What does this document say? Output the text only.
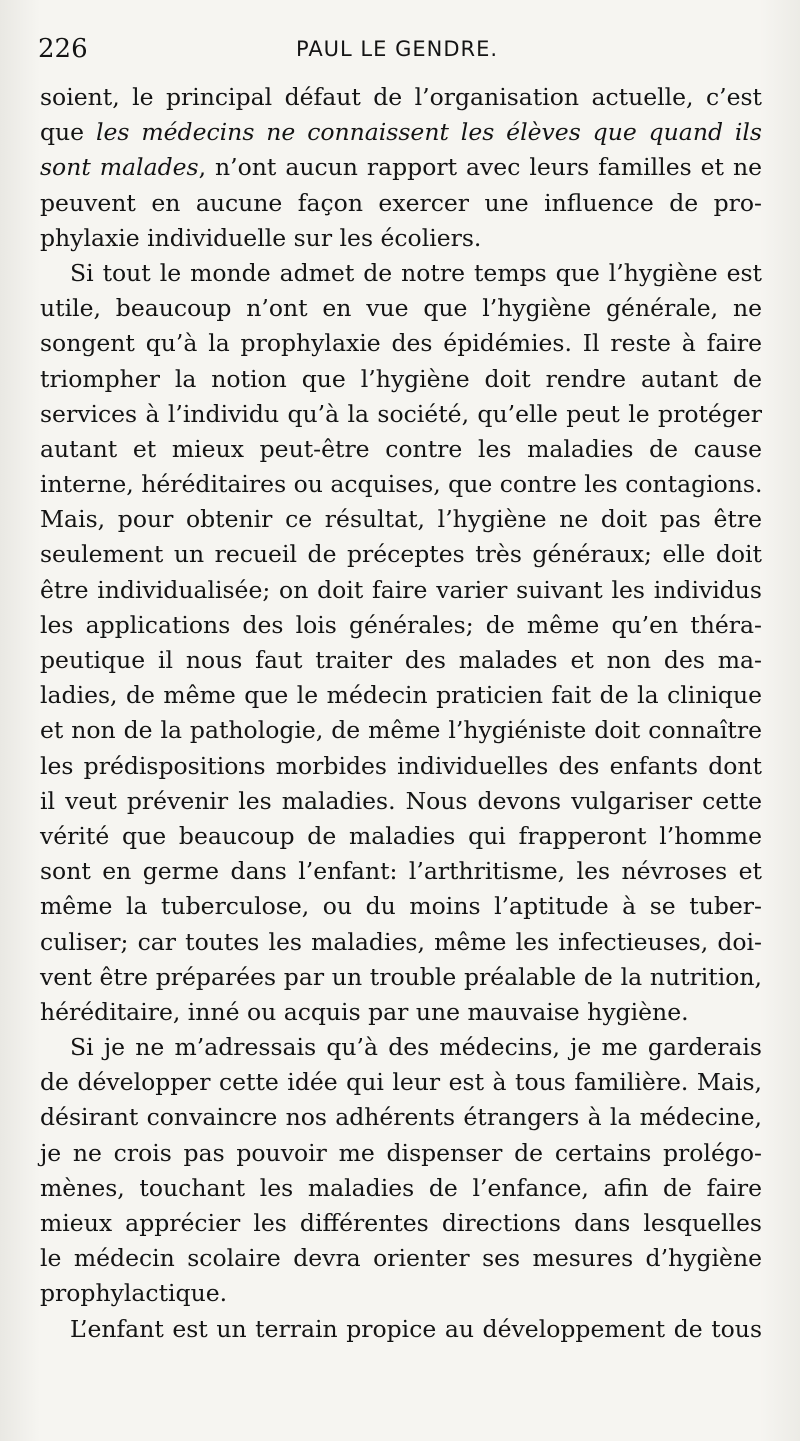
226	PAUL LE GENDRE.
soient, le principal défaut de l’organisation actuelle, c’est
que les médecins ne connaissent les élèves que quand ils
sont malades, n’ont aucun rapport avec leurs familles et ne
peuvent en aucune façon exercer une influence de pro-
phylaxie individuelle sur les écoliers.
Si tout le monde admet de notre temps que l’hygiène est
utile, beaucoup n’ont en vue que l’hygiène générale, ne
songent qu’à la prophylaxie des épidémies. Il reste à faire
triompher la notion que l’hygiène doit rendre autant de
services à l’individu qu’à la société, qu’elle peut le protéger
autant et mieux peut-être contre les maladies de cause
interne, héréditaires ou acquises, que contre les contagions.
Mais, pour obtenir ce résultat, l’hygiène ne doit pas être
seulement un recueil de préceptes très généraux; elle doit
être individualisée; on doit faire varier suivant les individus
les applications des lois générales; de même qu’en théra-
peutique il nous faut traiter des malades et non des ma-
ladies, de même que le médecin praticien fait de la clinique
et non de la pathologie, de même l’hygiéniste doit connaître
les prédispositions morbides individuelles des enfants dont
il veut prévenir les maladies. Nous devons vulgariser cette
vérité que beaucoup de maladies qui frapperont l’homme
sont en germe dans l’enfant: l’arthritisme, les névroses et
même la tuberculose, ou du moins l’aptitude à se tuber-
culiser; car toutes les maladies, même les infectieuses, doi-
vent être préparées par un trouble préalable de la nutrition,
héréditaire, inné ou acquis par une mauvaise hygiène.
Si je ne m’adressais qu’à des médecins, je me garderais
de développer cette idée qui leur est à tous familière. Mais,
désirant convaincre nos adhérents étrangers à la médecine,
je ne crois pas pouvoir me dispenser de certains prolégo-
mènes, touchant les maladies de l’enfance, afin de faire
mieux apprécier les différentes directions dans lesquelles
le médecin scolaire devra orienter ses mesures d’hygiène
prophylactique.
L’enfant est un terrain propice au développement de tous
